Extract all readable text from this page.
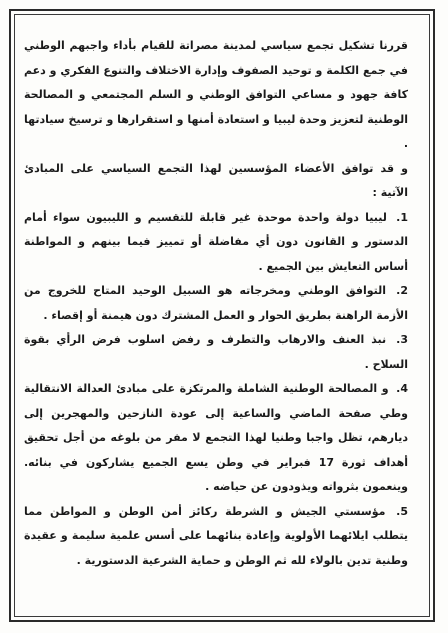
قررنا تشكيل تجمع سياسي لمدينة مصراتة للقيام بأداء واجبهم الوطني في جمع الكلمة و توحيد الصفوف وإدارة الاختلاف والتنوع الفكري و دعم كافة جهود و مساعي التوافق الوطني و السلم المجتمعي و المصالحة الوطنية لتعزيز وحدة ليبيا و استعادة أمنها و استقرارها و ترسيخ سيادتها .

و قد توافق الأعضاء المؤسسين لهذا التجمع السياسي على المبادئ الآتية :

1. ليبيا دولة واحدة موحدة غير قابلة للتقسيم و الليبيون سواء أمام الدستور و القانون دون أي مفاضلة أو تمييز فيما بينهم و المواطنة أساس التعايش بين الجميع .

2. التوافق الوطني ومخرجاته هو السبيل الوحيد المتاح للخروج من الأزمة الراهنة بطريق الحوار و العمل المشترك دون هيمنة أو إقصاء .

3. نبذ العنف والارهاب والتطرف و رفض اسلوب فرض الرأي بقوة السلاح .

4. و المصالحة الوطنية الشاملة والمرتكزة على مبادئ العدالة الانتقالية وطي صفحة الماضي والساعية إلى عودة النازحين والمهجرين إلى ديارهم، تظل واجبا وطنيا لهذا التجمع لا مفر من بلوغه من أجل تحقيق أهداف ثورة 17 فبراير في وطن يسع الجميع يشاركون في بنائه. وينعمون بثرواته ويذودون عن حياضه .

5. مؤسستي الجيش و الشرطة ركائز أمن الوطن و المواطن مما يتطلب ايلائهما الأولوية وإعادة بنائهما على أسس علمية سليمة و عقيدة وطنية تدين بالولاء لله ثم الوطن و حماية الشرعية الدستورية .
